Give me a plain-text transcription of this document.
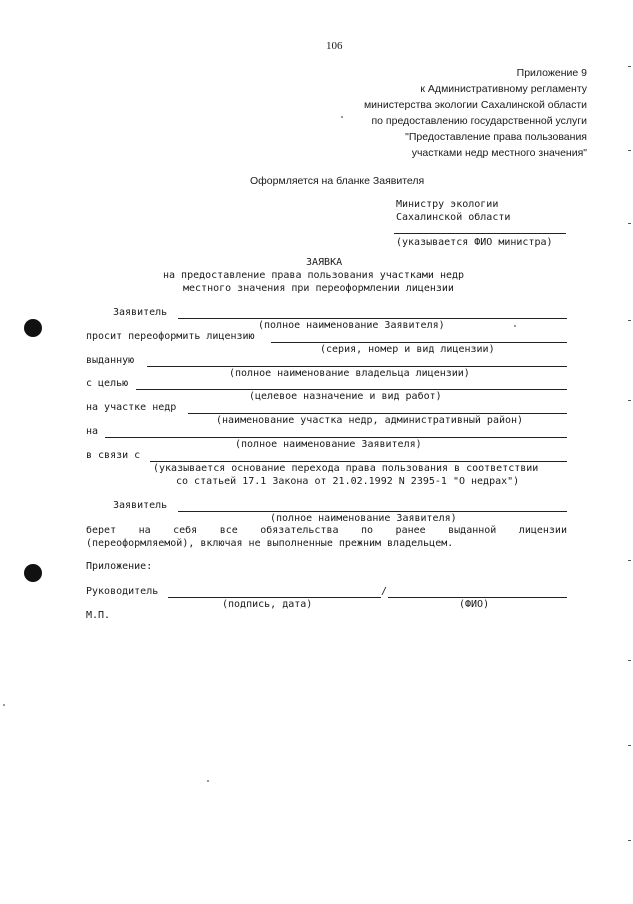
106
Приложение 9
к Административному регламенту
министерства экологии Сахалинской области
по предоставлению государственной услуги
"Предоставление права пользования
участками недр местного значения"
Оформляется на бланке Заявителя
Министру экологии
Сахалинской области
(указывается ФИО министра)
ЗАЯВКА
на предоставление права пользования участками недр
местного значения при переоформлении лицензии
Заявитель
(полное наименование Заявителя)
просит переоформить лицензию
(серия, номер и вид лицензии)
выданную
(полное наименование владельца лицензии)
с целью
(целевое назначение и вид работ)
на участке недр
(наименование участка недр, административный район)
на
(полное наименование Заявителя)
в связи с
(указывается основание перехода права пользования в соответствии
со статьей 17.1 Закона от 21.02.1992 N 2395-1 "О недрах")
Заявитель
(полное наименование Заявителя)
берет на себя все обязательства по ранее выданной лицензии
(переоформляемой), включая не выполненные прежним владельцем.
Приложение:
Руководитель	/
(подпись, дата)	(ФИО)
М.П.
